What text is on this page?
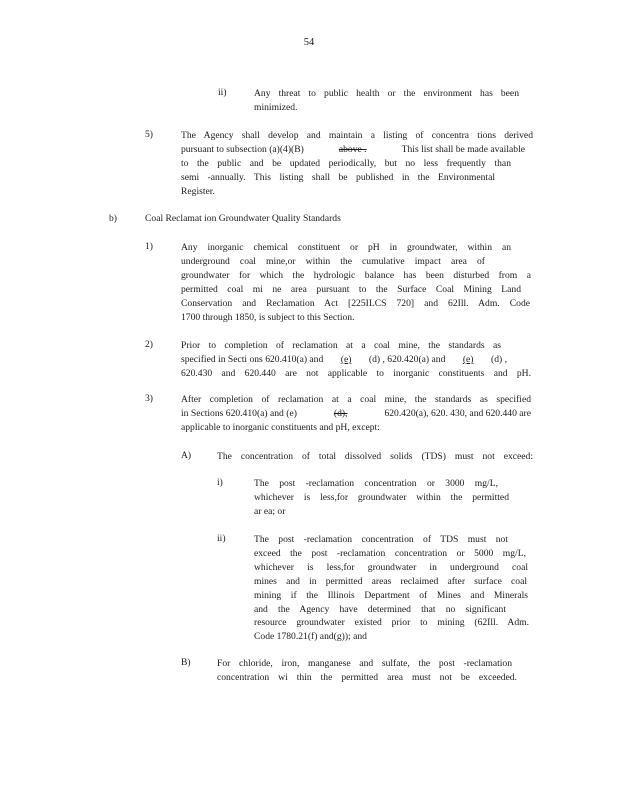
54
ii)	Any threat to public health or the environment has been
minimized.
5)	The Agency shall develop and maintain a listing of concentra tions derived
pursuant to subsection (a)(4)(B)	above .	This list shall be made available
to the public and be updated periodically, but no less frequently than
semi -annually. This listing shall be published in the Environmental
Register.
b)	Coal Reclamat ion Groundwater Quality Standards
1)	Any inorganic chemical constituent or pH in groundwater, within an
underground coal mine,or within the cumulative impact area of
groundwater for which the hydrologic balance has been disturbed from a
permitted coal mi ne area pursuant to the Surface Coal Mining Land
Conservation and Reclamation Act [225ILCS 720] and 62Ill. Adm. Code
1700 through 1850, is subject to this Section.
2)	Prior to completion of reclamation at a coal mine, the standards as
specified in Secti ons 620.410(a) and (e) (d) , 620.420(a) and (e) (d) ,
620.430 and 620.440 are not applicable to inorganic constituents and pH.
3)	After completion of reclamation at a coal mine, the standards as specified
in Sections 620.410(a) and (e)	(d),	620.420(a), 620. 430, and 620.440 are
applicable to inorganic constituents and pH, except:
A)	The concentration of total dissolved solids (TDS) must not exceed:
i)	The post -reclamation concentration or 3000 mg/L,
whichever is less,for groundwater within the permitted
ar ea; or
ii)	The post -reclamation concentration of TDS must not
exceed the post -reclamation concentration or 5000 mg/L,
whichever is less,for groundwater in underground coal
mines and in permitted areas reclaimed after surface coal
mining if the Illinois Department of Mines and Minerals
and the Agency have determined that no significant
resource groundwater existed prior to mining (62Ill. Adm.
Code 1780.21(f) and(g)); and
B)	For chloride, iron, manganese and sulfate, the post -reclamation
concentration wi thin the permitted area must not be exceeded.
